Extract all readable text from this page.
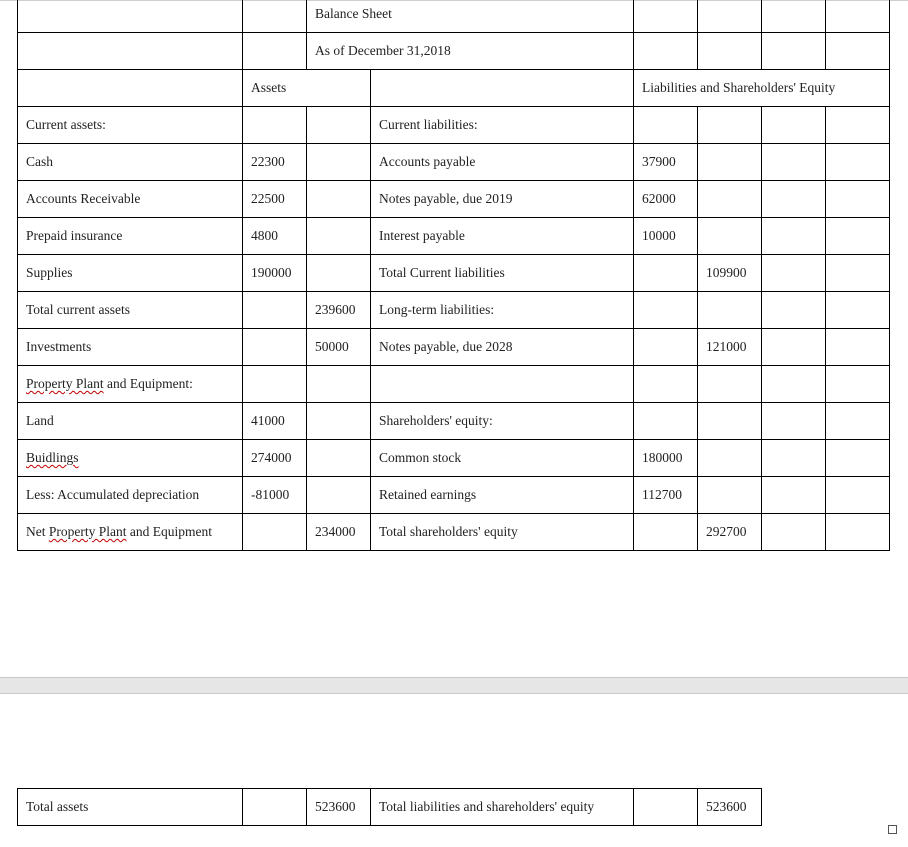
		Balance Sheet					
		As of December 31,2018					
	Assets			Liabilities and Shareholders' Equity			
Current assets:			Current liabilities:				
Cash	22300		Accounts payable	37900			
Accounts Receivable	22500		Notes payable, due 2019	62000			
Prepaid insurance	4800		Interest payable	10000			
Supplies	190000		Total Current liabilities		109900		
Total current assets		239600	Long-term liabilities:				
Investments		50000	Notes payable, due 2028		121000		
Property Plant and Equipment:							
Land	41000		Shareholders' equity:				
Buidlings	274000		Common stock	180000			
Less: Accumulated depreciation	-81000		Retained earnings	112700			
Net Property Plant and Equipment		234000	Total shareholders' equity		292700		
Total assets		523600	Total liabilities and shareholders' equity		523600
